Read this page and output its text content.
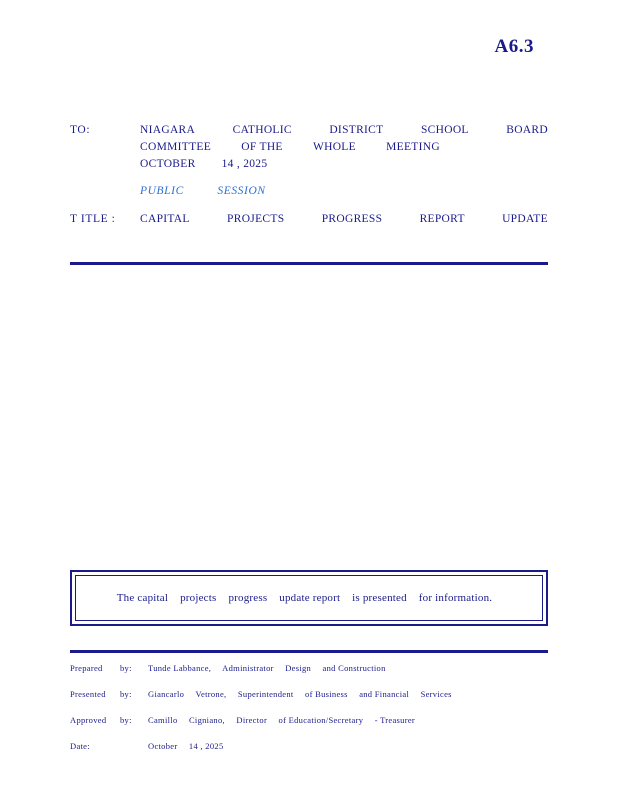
A6.3
TO:	NIAGARA	CATHOLIC	DISTRICT	SCHOOL	BOARD
COMMITTEE	OF THE	WHOLE	MEETING
OCTOBER 14 , 2025
PUBLIC	SESSION
T ITLE :	CAPITAL	PROJECTS	PROGRESS	REPORT	UPDATE
The capital projects progress update report is presented for information.
Prepared	by:	Tunde Labbance, Administrator Design and Construction
Presented	by:	Giancarlo Vetrone, Superintendent of Business and Financial Services
Approved	by:	Camillo Cigniano, Director of Education/Secretary - Treasurer
Date:	October 14 , 2025
